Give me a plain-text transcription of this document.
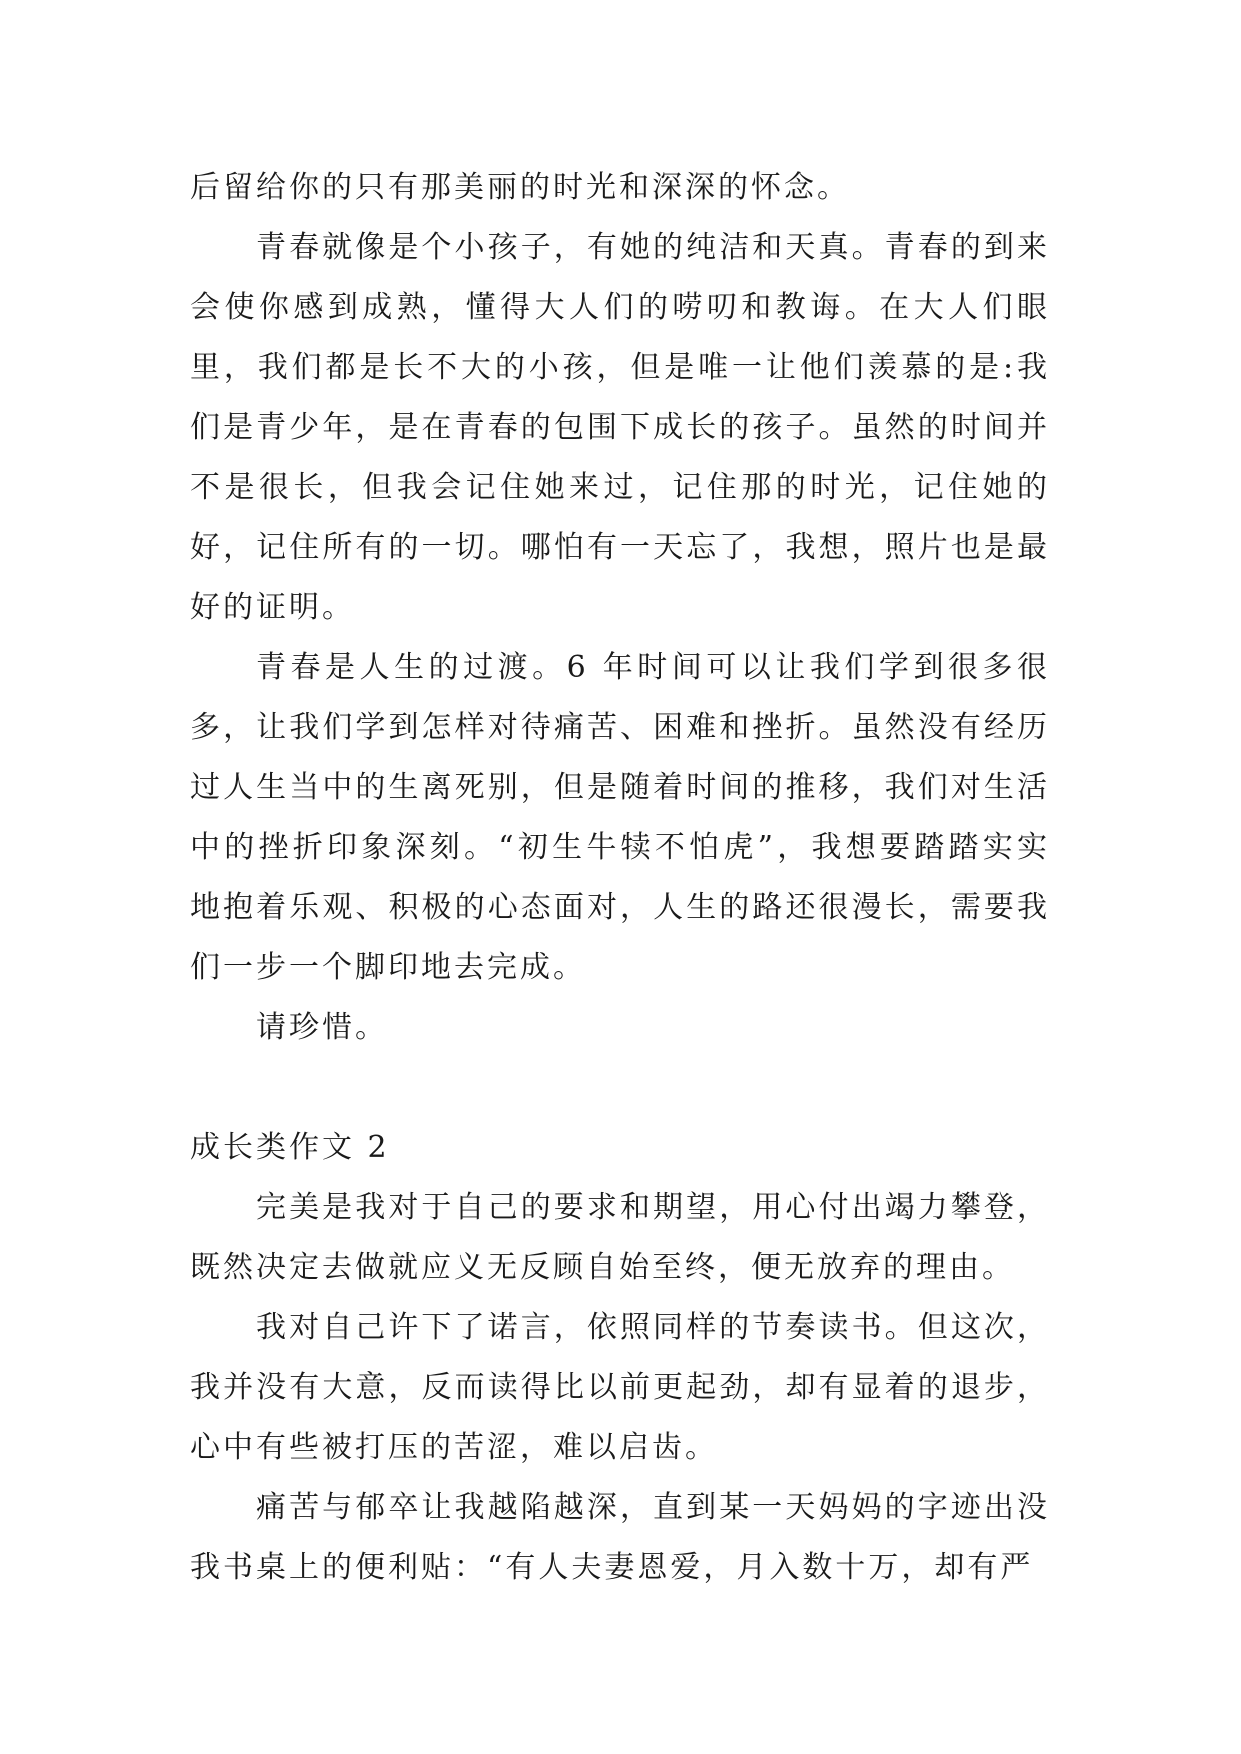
后留给你的只有那美丽的时光和深深的怀念。

青春就像是个小孩子，有她的纯洁和天真。青春的到来会使你感到成熟，懂得大人们的唠叨和教诲。在大人们眼里，我们都是长不大的小孩，但是唯一让他们羡慕的是:我们是青少年，是在青春的包围下成长的孩子。虽然的时间并不是很长，但我会记住她来过，记住那的时光，记住她的好，记住所有的一切。哪怕有一天忘了，我想，照片也是最好的证明。

青春是人生的过渡。6 年时间可以让我们学到很多很多，让我们学到怎样对待痛苦、困难和挫折。虽然没有经历过人生当中的生离死别，但是随着时间的推移，我们对生活中的挫折印象深刻。“初生牛犊不怕虎”，我想要踏踏实实地抱着乐观、积极的心态面对，人生的路还很漫长，需要我们一步一个脚印地去完成。

请珍惜。

成长类作文 2

完美是我对于自己的要求和期望，用心付出竭力攀登，既然决定去做就应义无反顾自始至终，便无放弃的理由。

我对自己许下了诺言，依照同样的节奏读书。但这次，我并没有大意，反而读得比以前更起劲，却有显着的退步，心中有些被打压的苦涩，难以启齿。

痛苦与郁卒让我越陷越深，直到某一天妈妈的字迹出没我书桌上的便利贴：“有人夫妻恩爱，月入数十万，却有严
